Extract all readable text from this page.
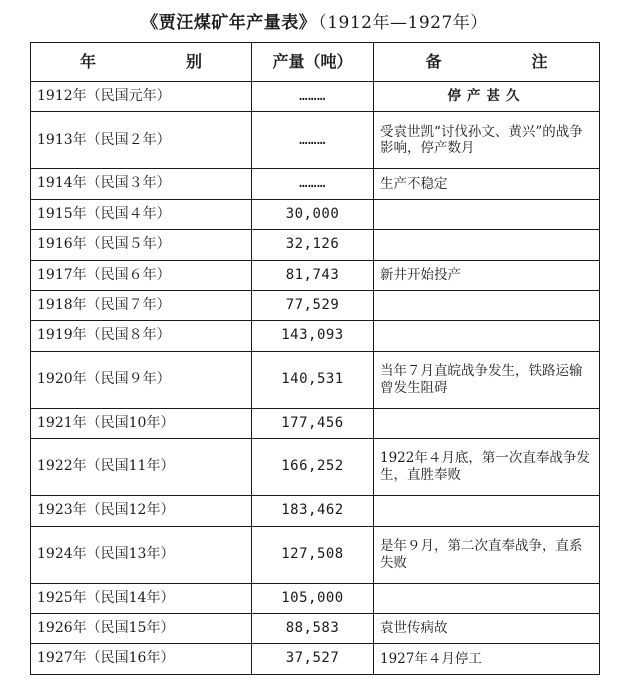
《贾汪煤矿年产量表》 （1912年—1927年）
年 别	产量（吨）	备 注
1912年（民国元年）	………	停产甚久
1913年（民国２年）	………	受袁世凯“讨伐孙文、黄兴”的战争影响，停产数月
1914年（民国３年）	………	生产不稳定
1915年（民国４年）	30,000	
1916年（民国５年）	32,126	
1917年（民国６年）	81,743	新井开始投产
1918年（民国７年）	77,529	
1919年（民国８年）	143,093	
1920年（民国９年）	140,531	当年７月直皖战争发生，铁路运输曾发生阻碍
1921年（民国10年）	177,456	
1922年（民国11年）	166,252	1922年４月底，第一次直奉战争发生，直胜奉败
1923年（民国12年）	183,462	
1924年（民国13年）	127,508	是年９月，第二次直奉战争，直系失败
1925年（民国14年）	105,000	
1926年（民国15年）	88,583	袁世传病故
1927年（民国16年）	37,527	1927年４月停工
